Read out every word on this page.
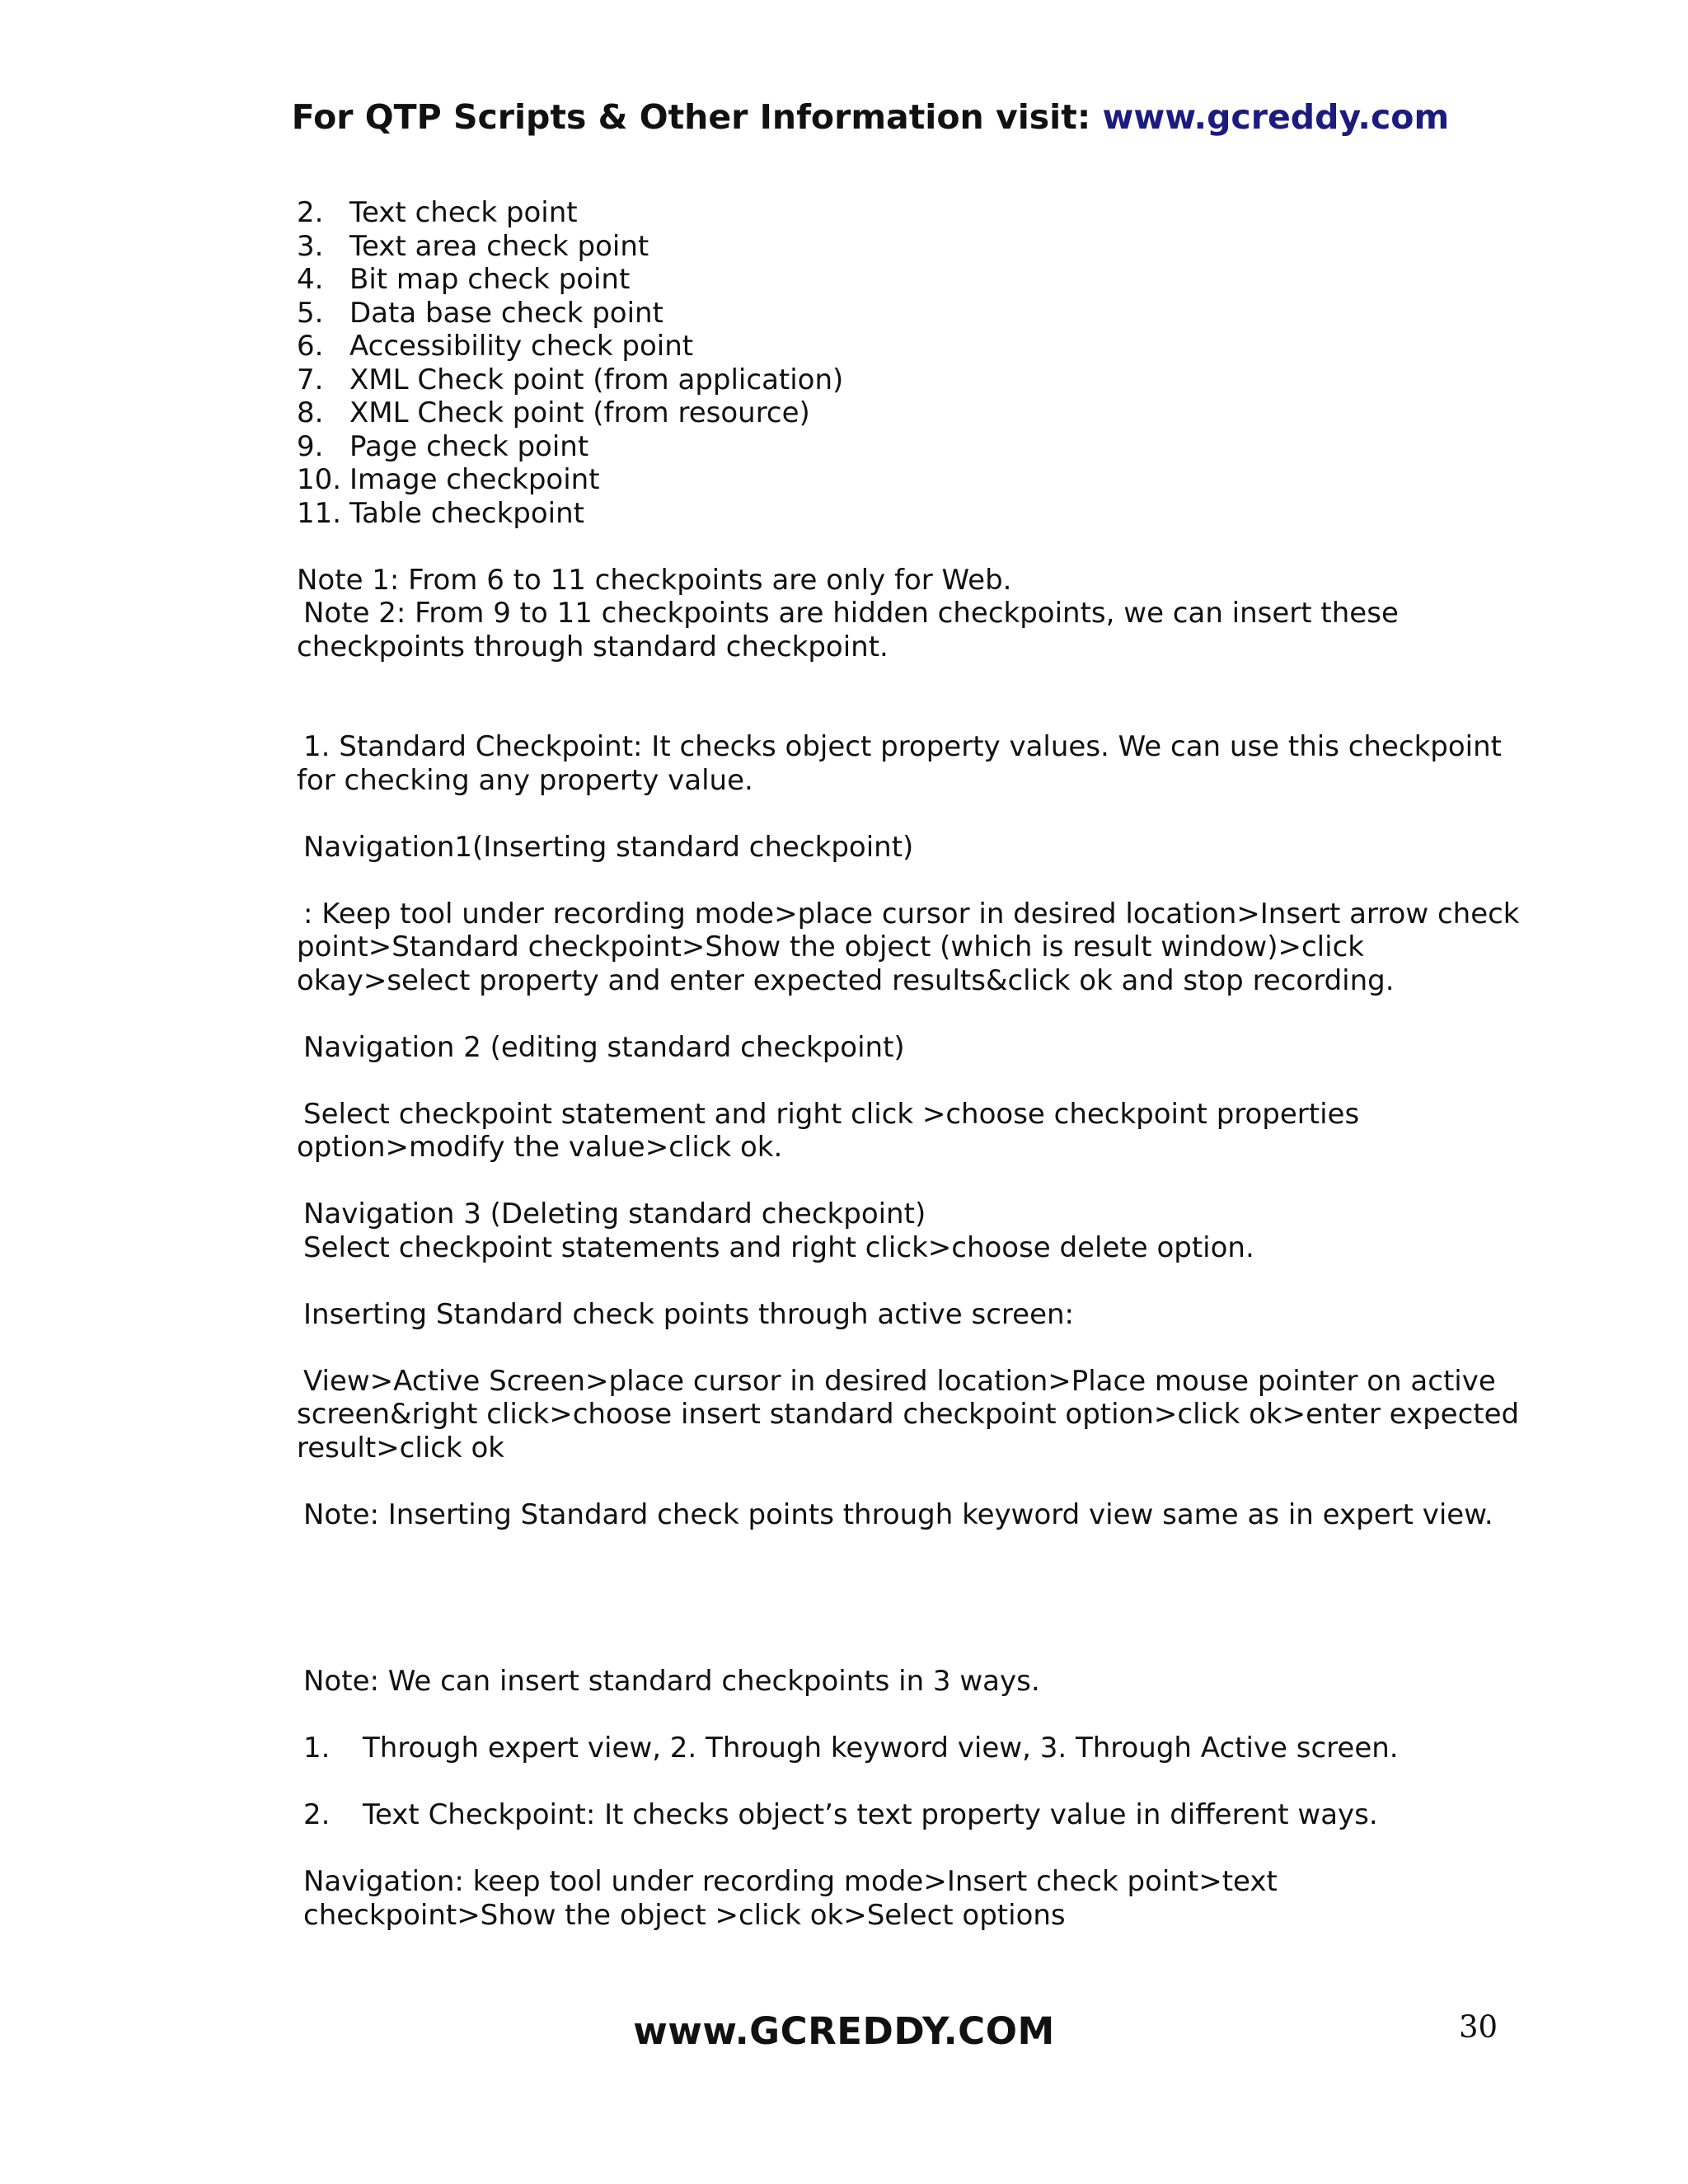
For QTP Scripts & Other Information visit: www.gcreddy.com
2. Text check point
3. Text area check point
4. Bit map check point
5. Data base check point
6. Accessibility check point
7. XML Check point (from application)
8. XML Check point (from resource)
9. Page check point
10. Image checkpoint
11. Table checkpoint
Note 1: From 6 to 11 checkpoints are only for Web.
Note 2: From 9 to 11 checkpoints are hidden checkpoints, we can insert these
checkpoints through standard checkpoint.
1. Standard Checkpoint: It checks object property values. We can use this checkpoint
for checking any property value.
Navigation1(Inserting standard checkpoint)
: Keep tool under recording mode>place cursor in desired location>Insert arrow check
point>Standard checkpoint>Show the object (which is result window)>click
okay>select property and enter expected results&click ok and stop recording.
Navigation 2 (editing standard checkpoint)
Select checkpoint statement and right click >choose checkpoint properties
option>modify the value>click ok.
Navigation 3 (Deleting standard checkpoint)
Select checkpoint statements and right click>choose delete option.
Inserting Standard check points through active screen:
View>Active Screen>place cursor in desired location>Place mouse pointer on active
screen&right click>choose insert standard checkpoint option>click ok>enter expected
result>click ok
Note: Inserting Standard check points through keyword view same as in expert view.
Note: We can insert standard checkpoints in 3 ways.
1. Through expert view, 2. Through keyword view, 3. Through Active screen.
2. Text Checkpoint: It checks object’s text property value in different ways.
Navigation: keep tool under recording mode>Insert check point>text
checkpoint>Show the object >click ok>Select options
www.GCREDDY.COM	30
